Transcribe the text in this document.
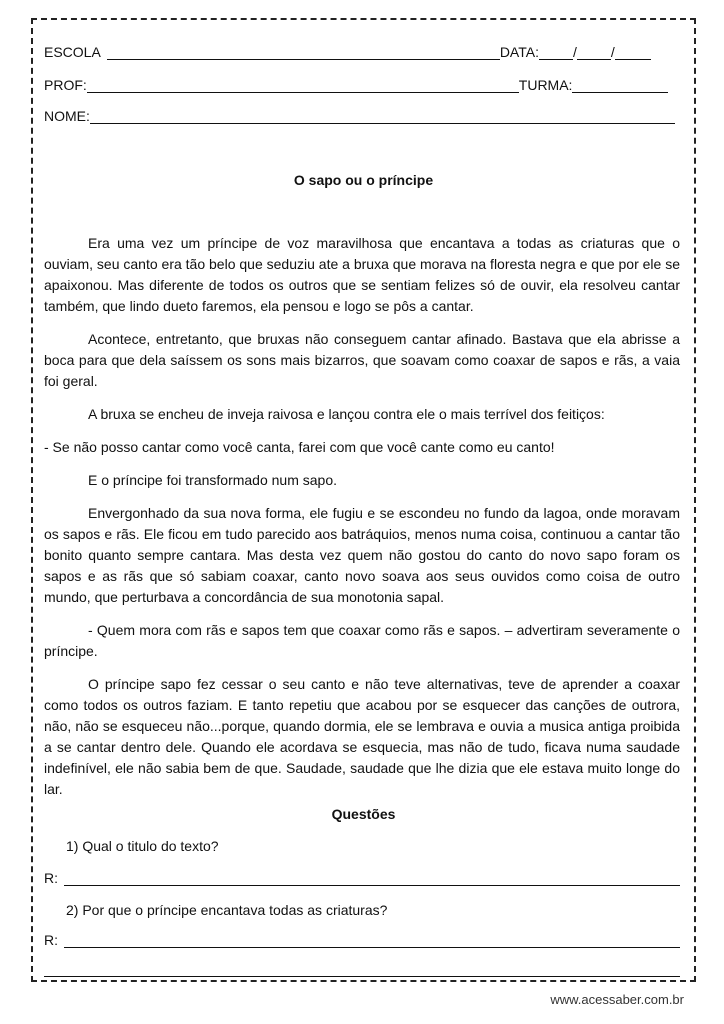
ESCOLA	DATA: / /
PROF:	TURMA:
NOME:
O sapo ou o príncipe

Era uma vez um príncipe de voz maravilhosa que encantava a todas as criaturas que o ouviam, seu canto era tão belo que seduziu ate a bruxa que morava na floresta negra e que por ele se apaixonou. Mas diferente de todos os outros que se sentiam felizes só de ouvir, ela resolveu cantar também, que lindo dueto faremos, ela pensou e logo se pôs a cantar.

Acontece, entretanto, que bruxas não conseguem cantar afinado. Bastava que ela abrisse a boca para que dela saíssem os sons mais bizarros, que soavam como coaxar de sapos e rãs, a vaia foi geral.

A bruxa se encheu de inveja raivosa e lançou contra ele o mais terrível dos feitiços:

- Se não posso cantar como você canta, farei com que você cante como eu canto!

E o príncipe foi transformado num sapo.

Envergonhado da sua nova forma, ele fugiu e se escondeu no fundo da lagoa, onde moravam os sapos e rãs. Ele ficou em tudo parecido aos batráquios, menos numa coisa, continuou a cantar tão bonito quanto sempre cantara. Mas desta vez quem não gostou do canto do novo sapo foram os sapos e as rãs que só sabiam coaxar, canto novo soava aos seus ouvidos como coisa de outro mundo, que perturbava a concordância de sua monotonia sapal.

- Quem mora com rãs e sapos tem que coaxar como rãs e sapos. – advertiram severamente o príncipe.

O príncipe sapo fez cessar o seu canto e não teve alternativas, teve de aprender a coaxar como todos os outros faziam. E tanto repetiu que acabou por se esquecer das canções de outrora, não, não se esqueceu não...porque, quando dormia, ele se lembrava e ouvia a musica antiga proibida a se cantar dentro dele. Quando ele acordava se esquecia, mas não de tudo, ficava numa saudade indefinível, ele não sabia bem de que. Saudade, saudade que lhe dizia que ele estava muito longe do lar.

Questões
1) Qual o titulo do texto?
R:
2) Por que o príncipe encantava todas as criaturas?
R:
www.acessaber.com.br
